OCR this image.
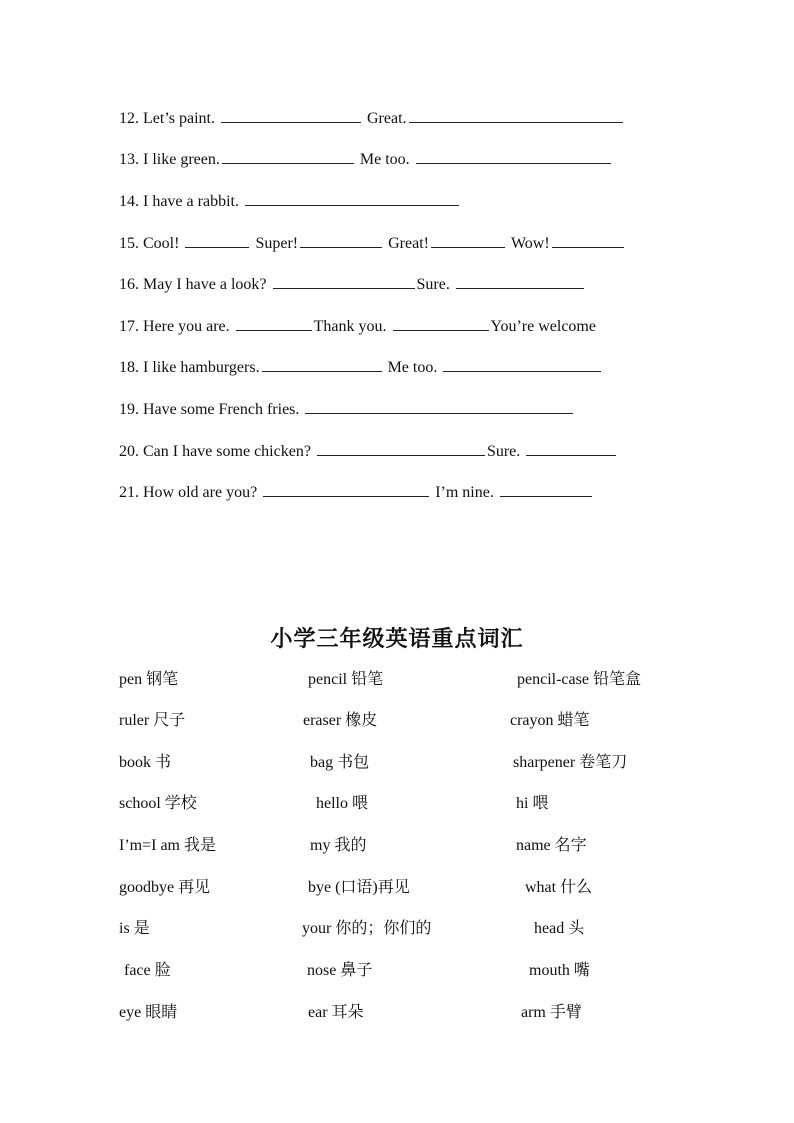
12. Let’s paint.	Great.
13. I like green.	Me too.
14. I have a rabbit.
15. Cool!	Super!	Great!	Wow!
16. May I have a look?	Sure.
17. Here you are.	Thank you.	You’re welcome
18. I like hamburgers.	Me too.
19. Have some French fries.
20. Can I have some chicken?	Sure.
21. How old are you?	I’m nine.
小学三年级英语重点词汇
pen 钢笔	pencil 铅笔	pencil-case 铅笔盒
ruler 尺子	eraser 橡皮	crayon 蜡笔
book 书	bag 书包	sharpener 卷笔刀
school 学校	hello 喂	hi 喂
I’m=I am 我是	my 我的	name 名字
goodbye 再见	bye (口语)再见	what 什么
is 是	your 你的；你们的	head 头
face 脸	nose 鼻子	mouth 嘴
eye 眼睛	ear 耳朵	arm 手臂
